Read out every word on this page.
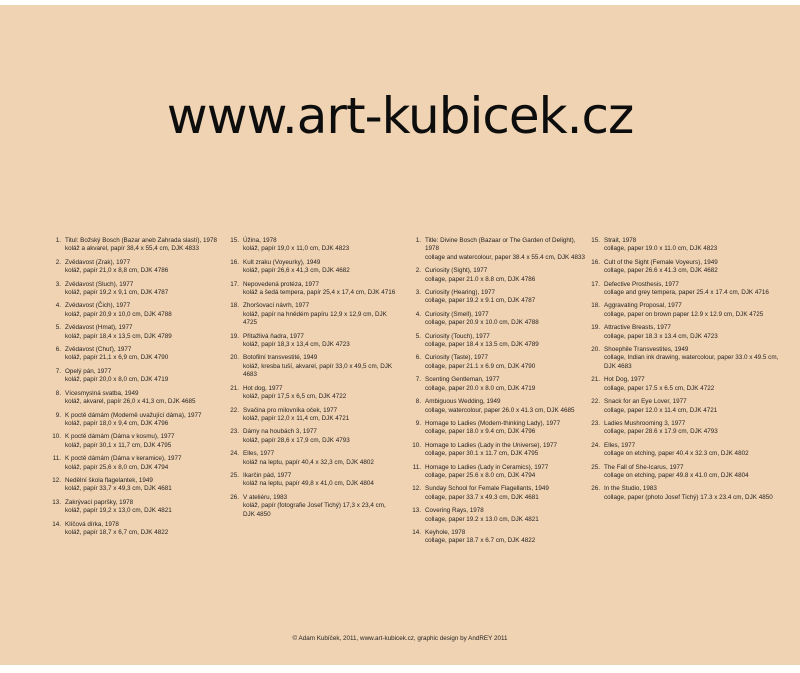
www.art-kubicek.cz
1. Titul: Božský Bosch (Bazar aneb Zahrada slastí), 1978
koláž a akvarel, papír 38,4 x 55,4 cm, DJK 4833
2. Zvědavost (Zrak), 1977
koláž, papír 21,0 x 8,8 cm, DJK 4786
3. Zvědavost (Sluch), 1977
koláž, papír 19,2 x 9,1 cm, DJK 4787
4. Zvědavost (Čich), 1977
koláž, papír 20,9 x 10,0 cm, DJK 4788
5. Zvědavost (Hmat), 1977
koláž, papír 18,4 x 13,5 cm, DJK 4789
6. Zvědavost (Chuť), 1977
koláž, papír 21,1 x 6,9 cm, DJK 4790
7. Opelý pán, 1977
koláž, papír 20,0 x 8,0 cm, DJK 4719
8. Vícesmyslná svatba, 1949
koláž, akvarel, papír 26,0 x 41,3 cm, DJK 4685
9. K poctě dámám (Moderně uvažující dáma), 1977
koláž, papír 18,0 x 9,4 cm, DJK 4796
10. K poctě dámám (Dáma v kosmu), 1977
koláž, papír 30,1 x 11,7 cm, DJK 4795
11. K poctě dámám (Dáma v keramice), 1977
koláž, papír 25,6 x 8,0 cm, DJK 4794
12. Nedělní škola flagelantek, 1949
koláž, papír 33,7 x 49,3 cm, DJK 4681
13. Zakrývací papršky, 1978
koláž, papír 19,2 x 13,0 cm, DJK 4821
14. Klíčová dírka, 1978
koláž, papír 18,7 x 6,7 cm, DJK 4822
15. Úžina, 1978
koláž, papír 19,0 x 11,0 cm, DJK 4823
16. Kult zraku (Voyeurky), 1949
koláž, papír 26,6 x 41,3 cm, DJK 4682
17. Nepovedená protéza, 1977
koláž a šedá tempera, papír 25,4 x 17,4 cm, DJK 4716
18. Zhoršovací návrh, 1977
koláž, papír na hnědém papíru 12,9 x 12,9 cm, DJK 4725
19. Přitažlivá ňadra, 1977
koláž, papír 18,3 x 13,4 cm, DJK 4723
20. Botofilní transvestité, 1949
koláž, kresba tuší, akvarel, papír 33,0 x 49,5 cm, DJK 4683
21. Hot dog, 1977
koláž, papír 17,5 x 6,5 cm, DJK 4722
22. Svačina pro milovníka oček, 1977
koláž, papír 12,0 x 11,4 cm, DJK 4721
23. Dámy na houbách 3, 1977
koláž, papír 28,6 x 17,9 cm, DJK 4793
24. Elles, 1977
koláž na leptu, papír 40,4 x 32,3 cm, DJK 4802
25. Ikarčin pád, 1977
koláž na leptu, papír 49,8 x 41,0 cm, DJK 4804
26. V ateliéru, 1983
koláž, papír (fotografie Josef Tichý) 17,3 x 23,4 cm, DJK 4850
1. Title: Divine Bosch (Bazaar or The Garden of Delight), 1978
collage and watercolour, paper 38.4 x 55.4 cm, DJK 4833
2. Curiosity (Sight), 1977
collage, paper 21.0 x 8.8 cm, DJK 4786
3. Curiosity (Hearing), 1977
collage, paper 19.2 x 9.1 cm, DJK 4787
4. Curiosity (Smell), 1977
collage, paper 20.9 x 10.0 cm, DJK 4788
5. Curiosity (Touch), 1977
collage, paper 18.4 x 13.5 cm, DJK 4789
6. Curiosity (Taste), 1977
collage, paper 21.1 x 6.9 cm, DJK 4790
7. Scenting Gentleman, 1977
collage, paper 20.0 x 8.0 cm, DJK 4719
8. Ambiguous Wedding, 1949
collage, watercolour, paper 26.0 x 41.3 cm, DJK 4685
9. Homage to Ladies (Modern-thinking Lady), 1977
collage, paper 18.0 x 9.4 cm, DJK 4796
10. Homage to Ladies (Lady in the Universe), 1977
collage, paper 30.1 x 11.7 cm, DJK 4795
11. Homage to Ladies (Lady in Ceramics), 1977
collage, paper 25.6 x 8.0 cm, DJK 4794
12. Sunday School for Female Flagellants, 1949
collage, paper 33.7 x 49.3 cm, DJK 4681
13. Covering Rays, 1978
collage, paper 19.2 x 13.0 cm, DJK 4821
14. Keyhole, 1978
collage, paper 18.7 x 6.7 cm, DJK 4822
15. Strait, 1978
collage, paper 19.0 x 11.0 cm, DJK 4823
16. Cult of the Sight (Female Voyeurs), 1949
collage, paper 26.6 x 41.3 cm, DJK 4682
17. Defective Prosthesis, 1977
collage and grey tempera, paper 25.4 x 17.4 cm, DJK 4716
18. Aggravating Proposal, 1977
collage, paper on brown paper 12.9 x 12.9 cm, DJK 4725
19. Attractive Breasts, 1977
collage, paper 18.3 x 13.4 cm, DJK 4723
20. Shoephile Transvestites, 1949
collage, Indian ink drawing, watercolour, paper 33.0 x 49.5 cm, DJK 4683
21. Hot Dog, 1977
collage, paper 17.5 x 6.5 cm, DJK 4722
22. Snack for an Eye Lover, 1977
collage, paper 12.0 x 11.4 cm, DJK 4721
23. Ladies Mushrooming 3, 1977
collage, paper 28.6 x 17.9 cm, DJK 4793
24. Elles, 1977
collage on etching, paper 40.4 x 32.3 cm, DJK 4802
25. The Fall of She-Icarus, 1977
collage on etching, paper 49.8 x 41.0 cm, DJK 4804
26. In the Studio, 1983
collage, paper (photo Josef Tichý) 17.3 x 23.4 cm, DJK 4850
© Adam Kubíček, 2011, www.art-kubicek.cz, graphic design by AndREY 2011
